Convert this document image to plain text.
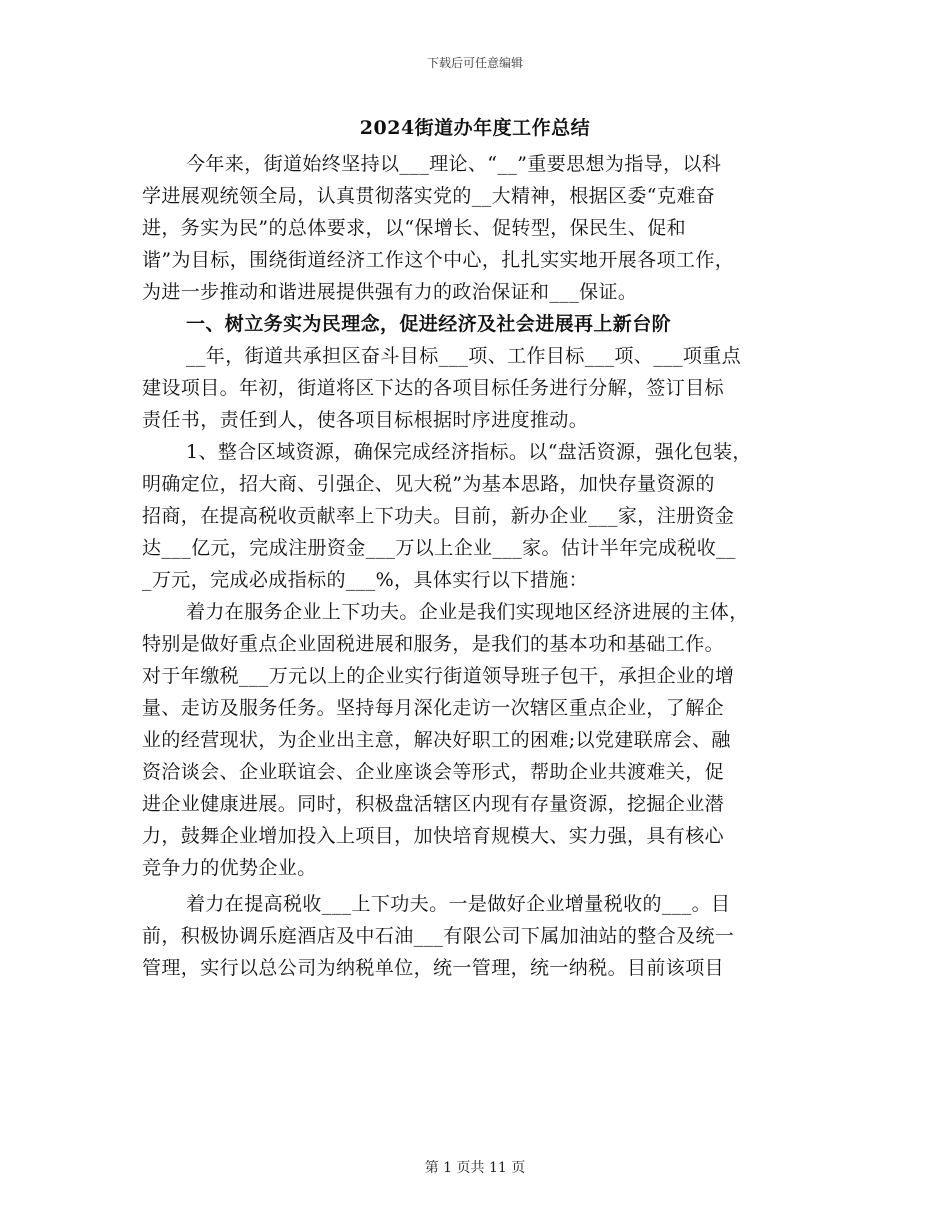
下载后可任意编辑
2024街道办年度工作总结
今年来，街道始终坚持以___理论、“__”重要思想为指导，以科
学进展观统领全局，认真贯彻落实党的__大精神，根据区委“克难奋
进，务实为民”的总体要求，以“保增长、促转型，保民生、促和
谐”为目标，围绕街道经济工作这个中心，扎扎实实地开展各项工作，
为进一步推动和谐进展提供强有力的政治保证和___保证。
一、树立务实为民理念，促进经济及社会进展再上新台阶
__年，街道共承担区奋斗目标___项、工作目标___项、___项重点
建设项目。年初，街道将区下达的各项目标任务进行分解，签订目标
责任书，责任到人，使各项目标根据时序进度推动。
1、整合区域资源，确保完成经济指标。以“盘活资源，强化包装，
明确定位，招大商、引强企、见大税”为基本思路，加快存量资源的
招商，在提高税收贡献率上下功夫。目前，新办企业___家，注册资金
达___亿元，完成注册资金___万以上企业___家。估计半年完成税收__
_万元，完成必成指标的___%，具体实行以下措施：
着力在服务企业上下功夫。企业是我们实现地区经济进展的主体，
特别是做好重点企业固税进展和服务，是我们的基本功和基础工作。
对于年缴税___万元以上的企业实行街道领导班子包干，承担企业的增
量、走访及服务任务。坚持每月深化走访一次辖区重点企业，了解企
业的经营现状，为企业出主意，解决好职工的困难;以党建联席会、融
资洽谈会、企业联谊会、企业座谈会等形式，帮助企业共渡难关，促
进企业健康进展。同时，积极盘活辖区内现有存量资源，挖掘企业潜
力，鼓舞企业增加投入上项目，加快培育规模大、实力强，具有核心
竞争力的优势企业。
着力在提高税收___上下功夫。一是做好企业增量税收的___。目
前，积极协调乐庭酒店及中石油___有限公司下属加油站的整合及统一
管理，实行以总公司为纳税单位，统一管理，统一纳税。目前该项目
第 1 页共 11 页
